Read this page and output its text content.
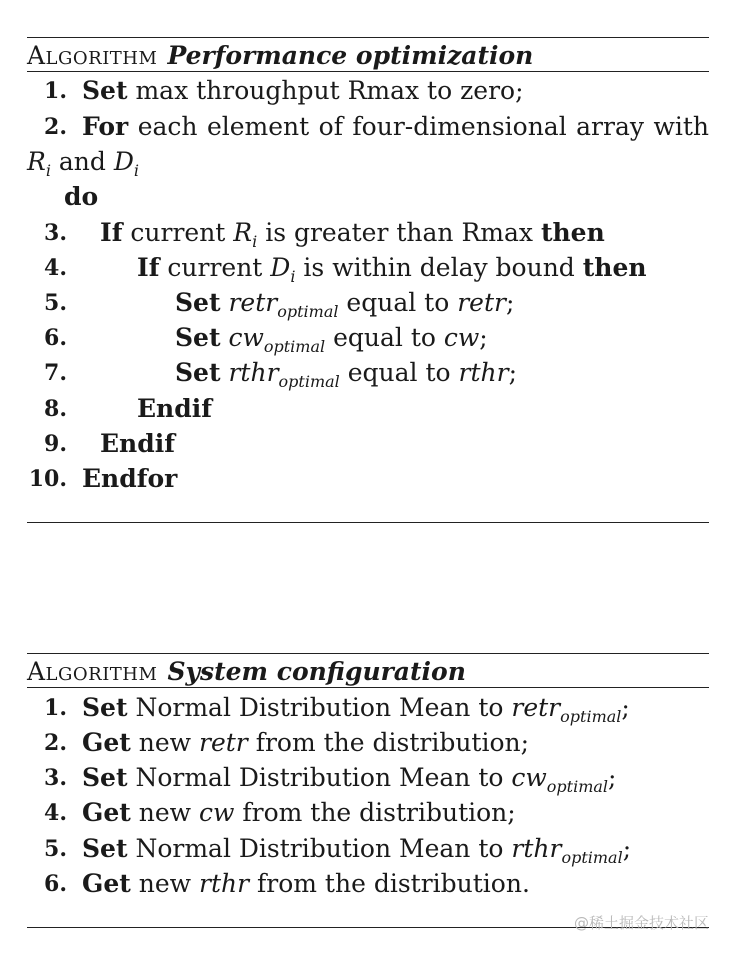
Algorithm Performance optimization
1. Set max throughput Rmax to zero;
2. For each element of four-dimensional array with
$R_i$ and $D_i$
do
3. If current $R_i$ is greater than Rmax then
4.	If current $D_i$ is within delay bound then
5.	Set retr$_{optimal}$ equal to retr;
6.	Set $cw_{optimal}$ equal to cw;
7.	Set rthr$_{optimal}$ equal to rthr;
8.	Endif
9. Endif
10. Endfor
Algorithm System configuration
1. Set Normal Distribution Mean to retr$_{optimal}$;
2. Get new retr from the distribution;
3. Set Normal Distribution Mean to $cw_{optimal}$;
4. Get new cw from the distribution;
5. Set Normal Distribution Mean to rthr$_{optimal}$;
6. Get new rthr from the distribution.
@稀土掘金技术社区
